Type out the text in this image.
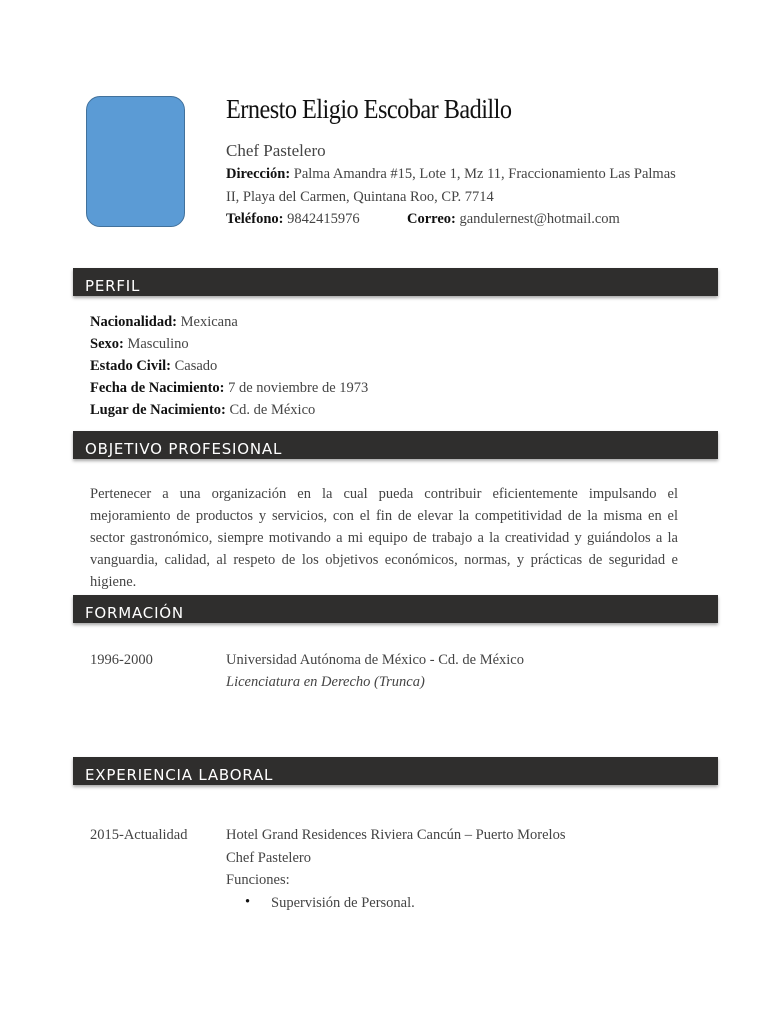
Ernesto Eligio Escobar Badillo
Chef Pastelero
Dirección: Palma Amandra #15, Lote 1, Mz 11, Fraccionamiento Las Palmas
II, Playa del Carmen, Quintana Roo, CP. 7714
Teléfono: 9842415976	Correo: gandulernest@hotmail.com
PERFIL
Nacionalidad: Mexicana
Sexo: Masculino
Estado Civil: Casado
Fecha de Nacimiento: 7 de noviembre de 1973
Lugar de Nacimiento: Cd. de México
OBJETIVO PROFESIONAL
Pertenecer a una organización en la cual pueda contribuir eficientemente impulsando el mejoramiento de productos y servicios, con el fin de elevar la competitividad de la misma en el sector gastronómico, siempre motivando a mi equipo de trabajo a la creatividad y guiándolos a la vanguardia, calidad, al respeto de los objetivos económicos, normas, y prácticas de seguridad e higiene.
FORMACIÓN
1996-2000	Universidad Autónoma de México - Cd. de México
Licenciatura en Derecho (Trunca)
EXPERIENCIA LABORAL
2015-Actualidad	Hotel Grand Residences Riviera Cancún – Puerto Morelos
Chef Pastelero
Funciones:
• Supervisión de Personal.
